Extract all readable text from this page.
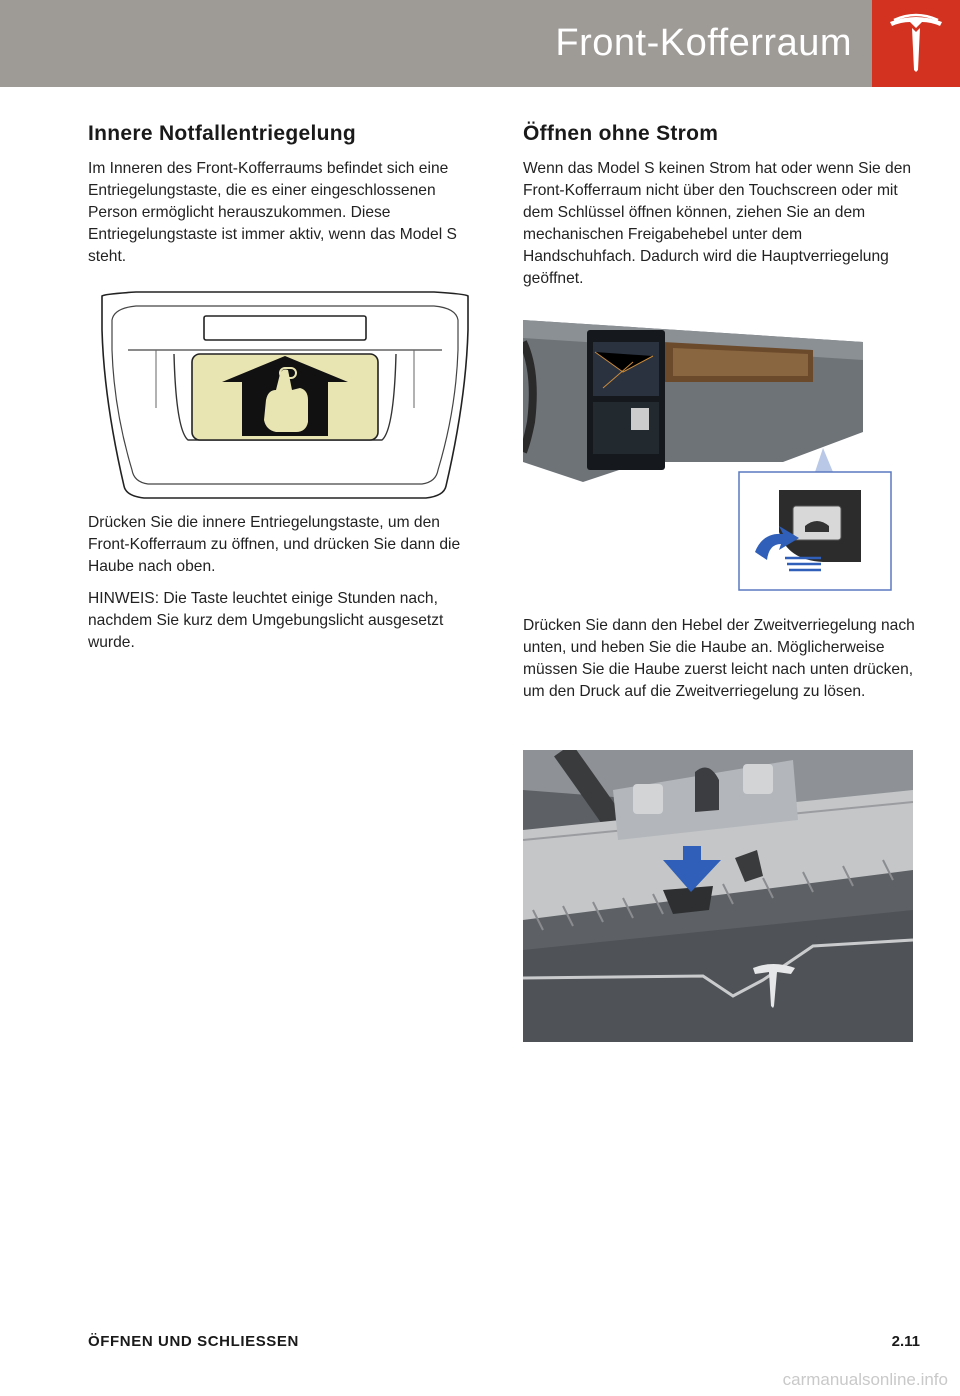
Front-Kofferraum
Innere Notfallentriegelung

Im Inneren des Front-Kofferraums befindet sich eine Entriegelungstaste, die es einer eingeschlossenen Person ermöglicht herauszukommen. Diese Entriegelungstaste ist immer aktiv, wenn das Model S steht.

Drücken Sie die innere Entriegelungstaste, um den Front-Kofferraum zu öffnen, und drücken Sie dann die Haube nach oben.

HINWEIS: Die Taste leuchtet einige Stunden nach, nachdem Sie kurz dem Umgebungslicht ausgesetzt wurde.

Öffnen ohne Strom

Wenn das Model S keinen Strom hat oder wenn Sie den Front-Kofferraum nicht über den Touchscreen oder mit dem Schlüssel öffnen können, ziehen Sie an dem mechanischen Freigabehebel unter dem Handschuhfach. Dadurch wird die Hauptverriegelung geöffnet.

Drücken Sie dann den Hebel der Zweitverriegelung nach unten, und heben Sie die Haube an. Möglicherweise müssen Sie die Haube zuerst leicht nach unten drücken, um den Druck auf die Zweitverriegelung zu lösen.

ÖFFNEN UND SCHLIESSEN	2.11
carmanualsonline.info
